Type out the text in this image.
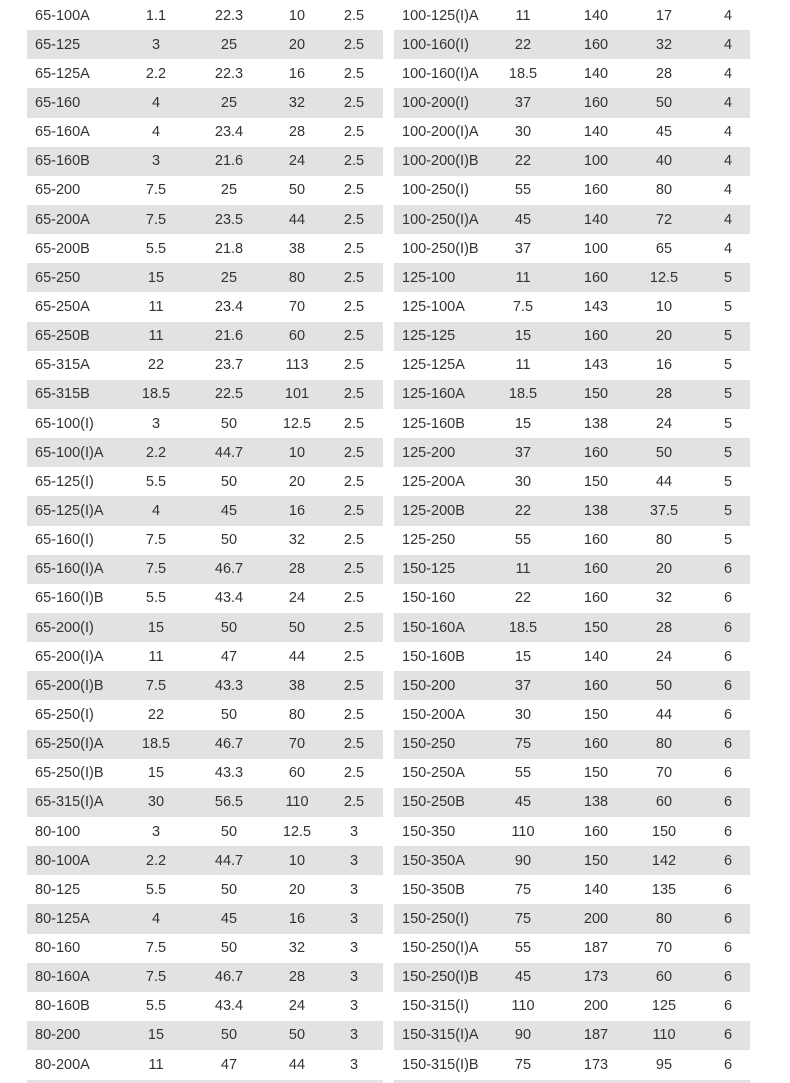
65-100A	1.1	22.3	10	2.5
65-125	3	25	20	2.5
65-125A	2.2	22.3	16	2.5
65-160	4	25	32	2.5
65-160A	4	23.4	28	2.5
65-160B	3	21.6	24	2.5
65-200	7.5	25	50	2.5
65-200A	7.5	23.5	44	2.5
65-200B	5.5	21.8	38	2.5
65-250	15	25	80	2.5
65-250A	11	23.4	70	2.5
65-250B	11	21.6	60	2.5
65-315A	22	23.7	113	2.5
65-315B	18.5	22.5	101	2.5
65-100(I)	3	50	12.5	2.5
65-100(I)A	2.2	44.7	10	2.5
65-125(I)	5.5	50	20	2.5
65-125(I)A	4	45	16	2.5
65-160(I)	7.5	50	32	2.5
65-160(I)A	7.5	46.7	28	2.5
65-160(I)B	5.5	43.4	24	2.5
65-200(I)	15	50	50	2.5
65-200(I)A	11	47	44	2.5
65-200(I)B	7.5	43.3	38	2.5
65-250(I)	22	50	80	2.5
65-250(I)A	18.5	46.7	70	2.5
65-250(I)B	15	43.3	60	2.5
65-315(I)A	30	56.5	110	2.5
80-100	3	50	12.5	3
80-100A	2.2	44.7	10	3
80-125	5.5	50	20	3
80-125A	4	45	16	3
80-160	7.5	50	32	3
80-160A	7.5	46.7	28	3
80-160B	5.5	43.4	24	3
80-200	15	50	50	3
80-200A	11	47	44	3
100-125(I)A	11	140	17	4
100-160(I)	22	160	32	4
100-160(I)A	18.5	140	28	4
100-200(I)	37	160	50	4
100-200(I)A	30	140	45	4
100-200(I)B	22	100	40	4
100-250(I)	55	160	80	4
100-250(I)A	45	140	72	4
100-250(I)B	37	100	65	4
125-100	11	160	12.5	5
125-100A	7.5	143	10	5
125-125	15	160	20	5
125-125A	11	143	16	5
125-160A	18.5	150	28	5
125-160B	15	138	24	5
125-200	37	160	50	5
125-200A	30	150	44	5
125-200B	22	138	37.5	5
125-250	55	160	80	5
150-125	11	160	20	6
150-160	22	160	32	6
150-160A	18.5	150	28	6
150-160B	15	140	24	6
150-200	37	160	50	6
150-200A	30	150	44	6
150-250	75	160	80	6
150-250A	55	150	70	6
150-250B	45	138	60	6
150-350	110	160	150	6
150-350A	90	150	142	6
150-350B	75	140	135	6
150-250(I)	75	200	80	6
150-250(I)A	55	187	70	6
150-250(I)B	45	173	60	6
150-315(I)	110	200	125	6
150-315(I)A	90	187	110	6
150-315(I)B	75	173	95	6
